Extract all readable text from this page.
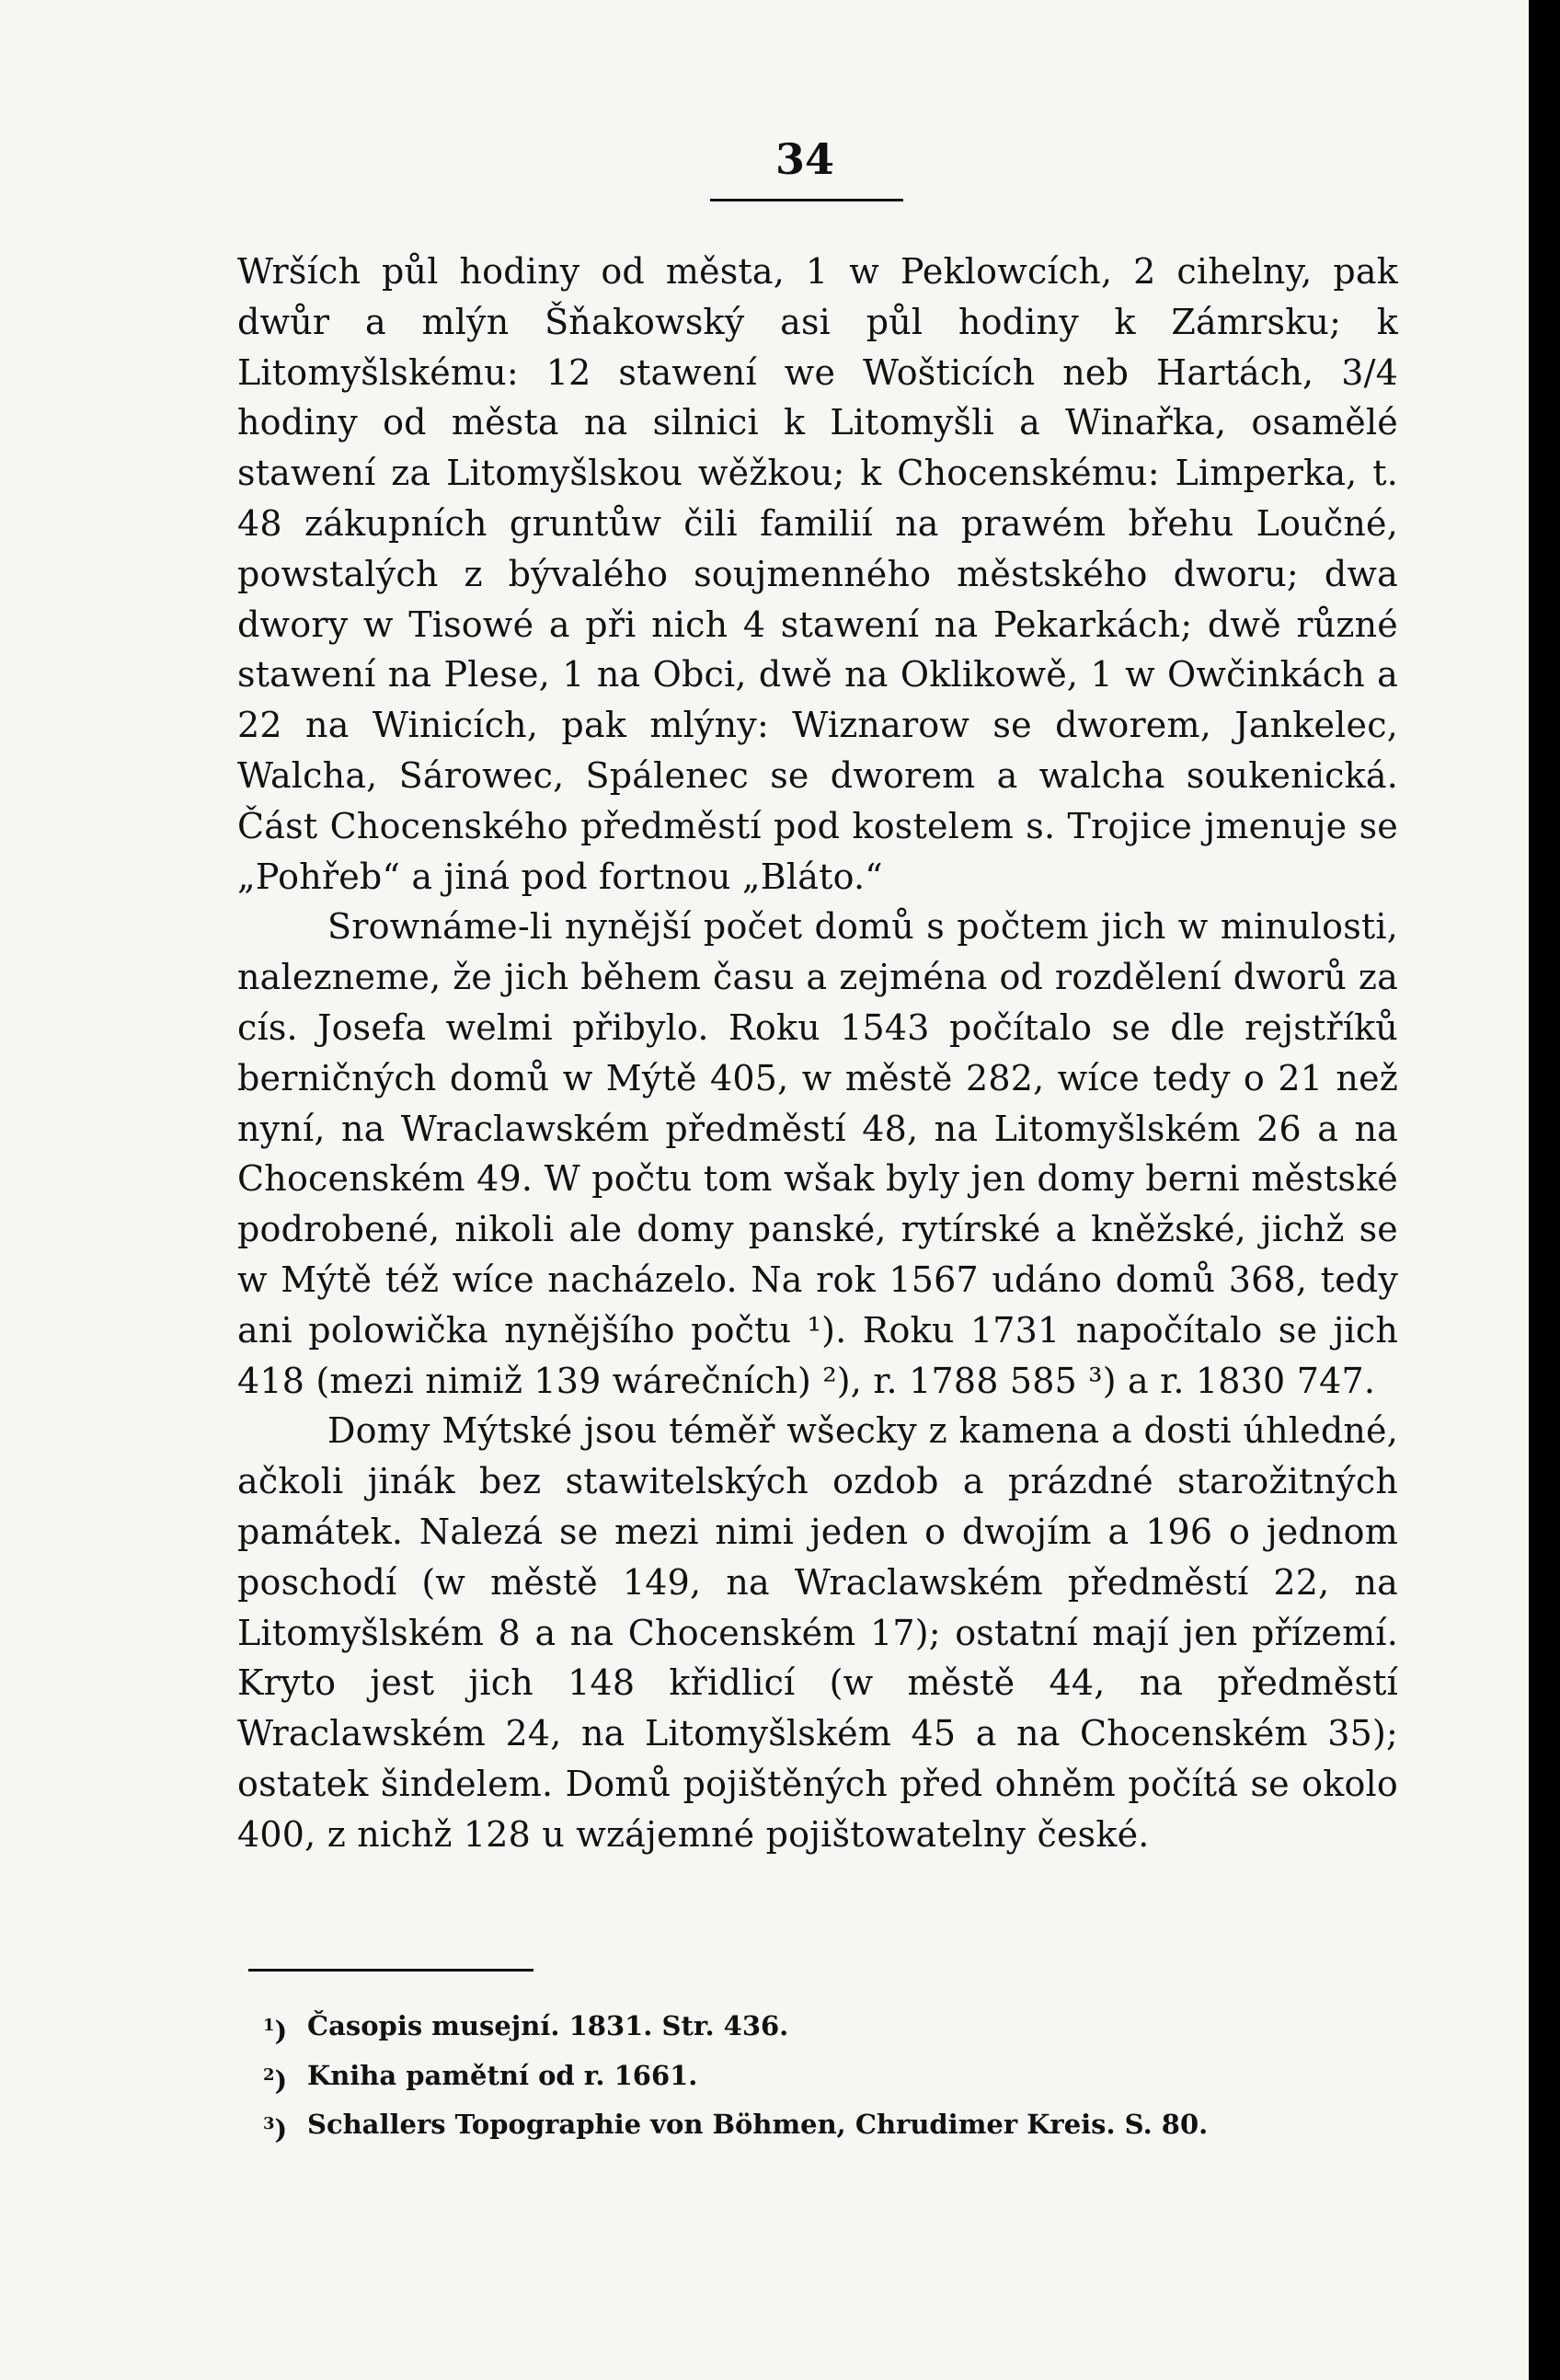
34

Wrších půl hodiny od města, 1 w Peklowcích, 2 cihelny, pak dwůr a mlýn Šňakowský asi půl hodiny k Zámrsku; k Litomyšlskému: 12 stawení we Wošticích neb Hartách, 3/4 hodiny od města na silnici k Litomyšli a Winařka, osamělé stawení za Litomyšlskou wěžkou; k Chocenskému: Limperka, t. 48 zákupních gruntůw čili familií na prawém břehu Loučné, powstalých z bývalého soujmenného městského dworu; dwa dwory w Tisowé a při nich 4 stawení na Pekarkách; dwě různé stawení na Plese, 1 na Obci, dwě na Oklikowě, 1 w Owčinkách a 22 na Winicích, pak mlýny: Wiznarow se dworem, Jankelec, Walcha, Sárowec, Spálenec se dworem a walcha soukenická. Část Chocenského předměstí pod kostelem s. Trojice jmenuje se „Pohřeb“ a jiná pod fortnou „Bláto.“

Srownáme-li nynější počet domů s počtem jich w minulosti, nalezneme, že jich během času a zejména od rozdělení dworů za cís. Josefa welmi přibylo. Roku 1543 počítalo se dle rejstříků berničných domů w Mýtě 405, w městě 282, wíce tedy o 21 než nyní, na Wraclawském předměstí 48, na Litomyšlském 26 a na Chocenském 49. W počtu tom wšak byly jen domy berni městské podrobené, nikoli ale domy panské, rytírské a kněžské, jichž se w Mýtě též wíce nacházelo. Na rok 1567 udáno domů 368, tedy ani polowička nynějšího počtu ¹). Roku 1731 napočítalo se jich 418 (mezi nimiž 139 wárečních) ²), r. 1788 585 ³) a r. 1830 747.

Domy Mýtské jsou téměř wšecky z kamena a dosti úhledné, ačkoli jinák bez stawitelských ozdob a prázdné starožitných památek. Nalezá se mezi nimi jeden o dwojím a 196 o jednom poschodí (w městě 149, na Wraclawském předměstí 22, na Litomyšlském 8 a na Chocenském 17); ostatní mají jen přízemí. Kryto jest jich 148 křidlicí (w městě 44, na předměstí Wraclawském 24, na Litomyšlském 45 a na Chocenském 35); ostatek šindelem. Domů pojištěných před ohněm počítá se okolo 400, z nichž 128 u wzájemné pojištowatelny české.

$^1$) Časopis musejní. 1831. Str. 436.
$^2$) Kniha pamětní od r. 1661.
$^3$) Schallers Topographie von Böhmen, Chrudimer Kreis. S. 80.
